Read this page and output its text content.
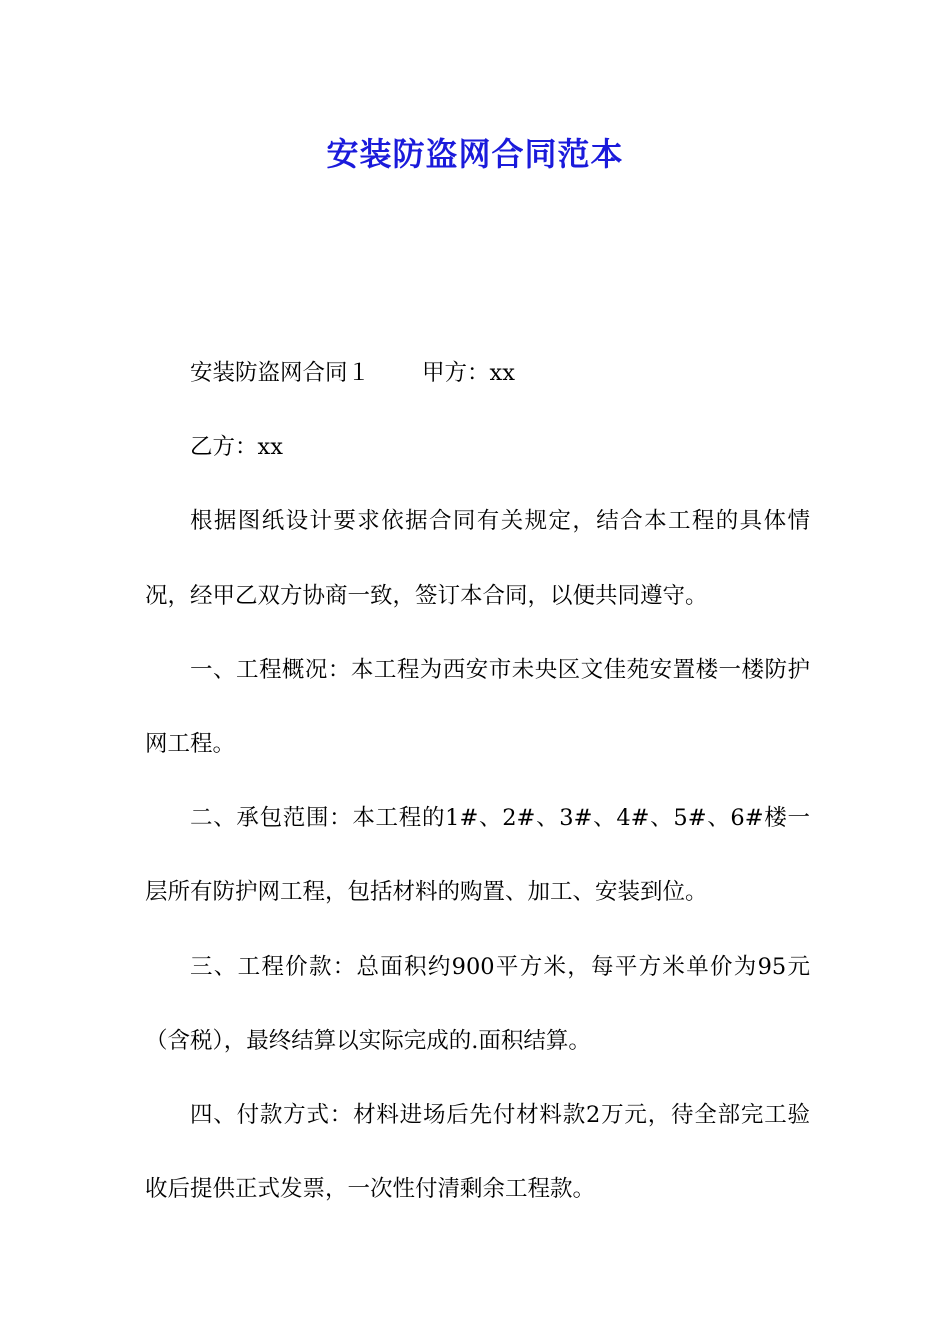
安装防盗网合同范本

安装防盗网合同１ 甲方：xx

乙方：xx

根据图纸设计要求依据合同有关规定，结合本工程的具体情况，经甲乙双方协商一致，签订本合同，以便共同遵守。

一、工程概况：本工程为西安市未央区文佳苑安置楼一楼防护网工程。

二、承包范围：本工程的1#、2#、3#、4#、5#、6#楼一层所有防护网工程，包括材料的购置、加工、安装到位。

三、工程价款：总面积约900平方米，每平方米单价为95元（含税），最终结算以实际完成的.面积结算。

四、付款方式：材料进场后先付材料款2万元，待全部完工验收后提供正式发票，一次性付清剩余工程款。
